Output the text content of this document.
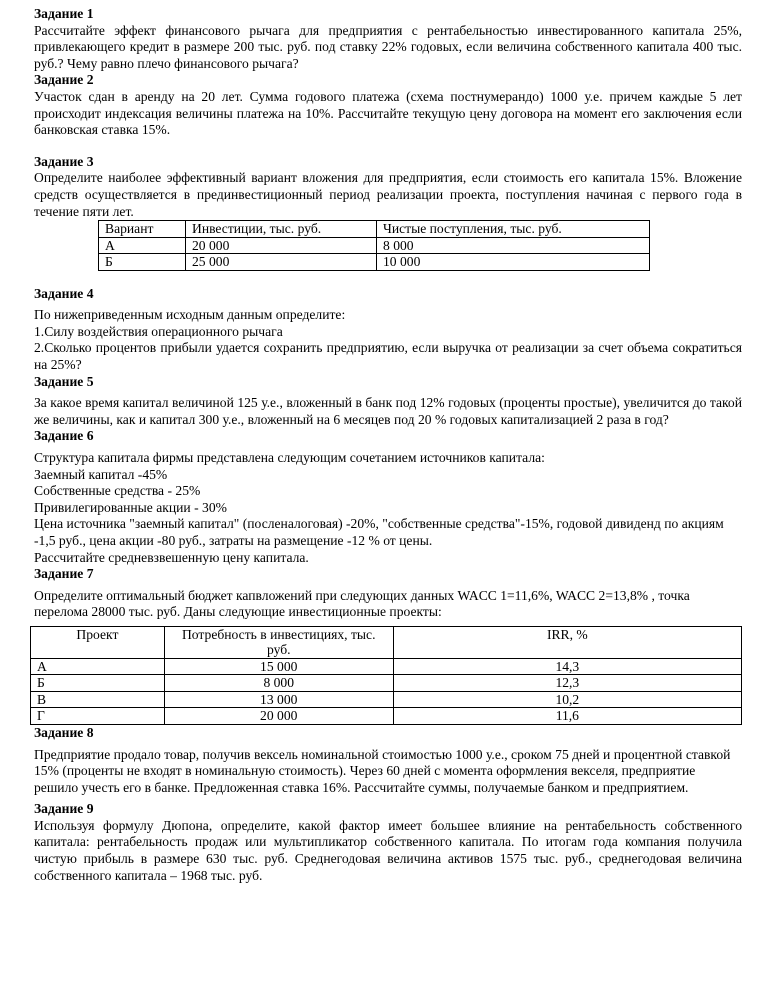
Задание 1

Рассчитайте эффект финансового рычага для предприятия с рентабельностью инвестированного капитала 25%, привлекающего кредит в размере 200 тыс. руб. под ставку 22% годовых, если величина собственного капитала 400 тыс. руб.? Чему равно плечо финансового рычага?

Задание 2

Участок сдан в аренду на 20 лет. Сумма годового платежа (схема постнумерандо) 1000 у.е. причем каждые 5 лет происходит индексация величины платежа на 10%. Рассчитайте текущую цену договора на момент его заключения если банковская ставка 15%.

Задание 3

Определите наиболее эффективный вариант вложения для предприятия, если стоимость его капитала 15%. Вложение средств осуществляется в прединвестиционный период реализации проекта, поступления начиная с первого года в течение пяти лет.

Вариант	Инвестиции, тыс. руб.	Чистые поступления, тыс. руб.
А	20 000	8 000
Б	25 000	10 000

Задание 4

По нижеприведенным исходным данным определите:

1.Силу воздействия операционного рычага

2.Сколько процентов прибыли удается сохранить предприятию, если выручка от реализации за счет объема сократиться на 25%?

Задание 5

За какое время капитал величиной 125 у.е., вложенный в банк под 12% годовых (проценты простые), увеличится до такой же величины, как и капитал 300 у.е., вложенный на 6 месяцев под 20 % годовых капитализацией 2 раза в год?

Задание 6

Структура капитала фирмы представлена следующим сочетанием источников капитала:

Заемный капитал -45%

Собственные средства - 25%

Привилегированные акции - 30%

Цена источника "заемный капитал" (посленалоговая) -20%, "собственные средства"-15%, годовой дивиденд по акциям -1,5 руб., цена акции -80 руб., затраты на размещение -12 % от цены.

Рассчитайте средневзвешенную цену капитала.

Задание 7

Определите оптимальный бюджет капвложений при следующих данных WACC 1=11,6%, WACC 2=13,8% , точка перелома 28000 тыс. руб. Даны следующие инвестиционные проекты:

Проект	Потребность в инвестициях, тыс. руб.	IRR, %
А	15 000	14,3
Б	8 000	12,3
В	13 000	10,2
Г	20 000	11,6

Задание 8

Предприятие продало товар, получив вексель номинальной стоимостью 1000 у.е., сроком 75 дней и процентной ставкой 15% (проценты не входят в номинальную стоимость). Через 60 дней с момента оформления векселя, предприятие решило учесть его в банке. Предложенная ставка 16%. Рассчитайте суммы, получаемые банком и предприятием.

Задание 9

Используя формулу Дюпона, определите, какой фактор имеет большее влияние на рентабельность собственного капитала: рентабельность продаж или мультипликатор собственного капитала. По итогам года компания получила чистую прибыль в размере 630 тыс. руб. Среднегодовая величина активов 1575 тыс. руб., среднегодовая величина собственного капитала – 1968 тыс. руб.
